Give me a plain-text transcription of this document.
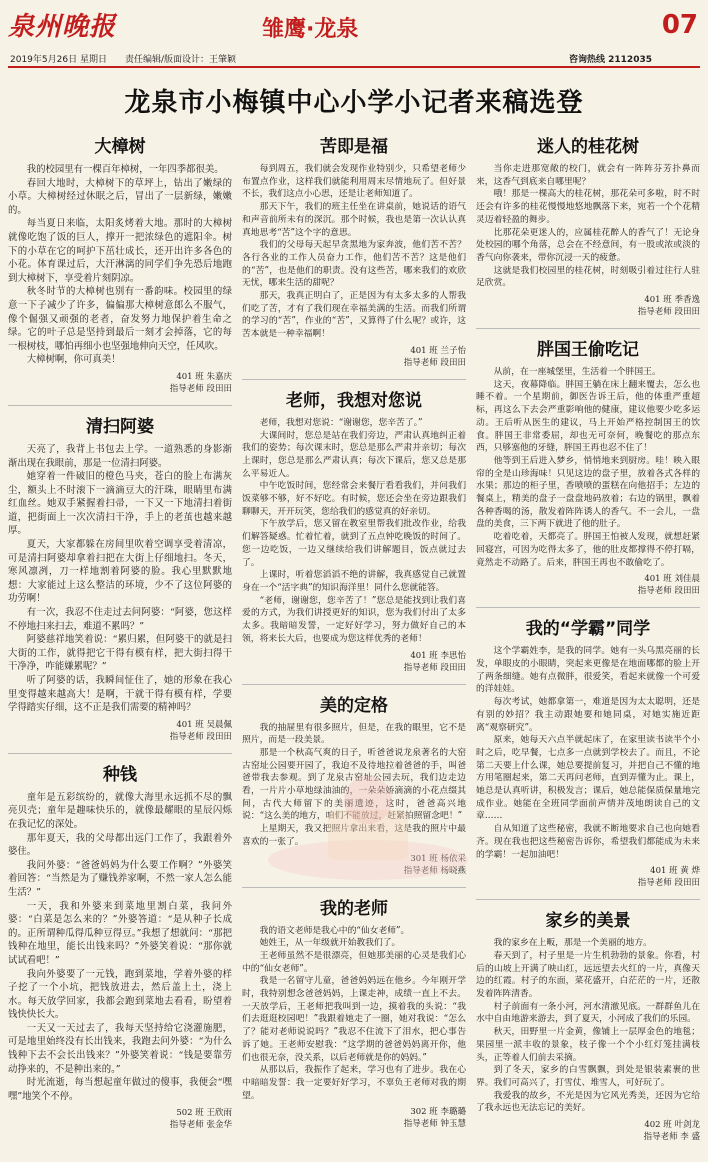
泉州晚报	雏鹰·龙泉	07
2019年5月26日 星期日　　责任编辑/版面设计：王肇颖	咨询热线 2112035
龙泉市小梅镇中心小学小记者来稿选登
大樟树

我的校园里有一棵百年樟树，一年四季都很美。

春回大地时，大樟树下的草坪上，钻出了嫩绿的小草。大樟树经过休眠之后，冒出了一层新绿，嫩嫩的。

每当夏日来临，太阳炙烤着大地。那时的大樟树就像吃饱了饭的巨人，撑开一把浓绿色的遮阳伞。树下的小草在它的呵护下茁壮成长，还开出许多各色的小花。体育课过后，大汗淋漓的同学们争先恐后地跑到大樟树下，享受着片刻阴凉。

秋冬时节的大樟树也别有一番韵味。校园里的绿意一下子减少了许多，偏偏那大樟树意郎么不服气，像个倔强又顽强的老者，奋发努力地保护着生命之绿。它的叶子总是坚持到最后一刻才会掉落，它的每一根树枝，哪怕再细小也坚强地伸向天空，任风吹。

大樟树啊，你可真美！

401 班 朱嘉庆
指导老师 段田田
清扫阿婆

天亮了，我背上书包去上学。一道熟悉的身影渐渐出现在我眼前，那是一位清扫阿婆。

她穿着一件破旧的橙色马夹，苍白的脸上布满灰尘，额头上不时滚下一滴滴豆大的汗珠，眼睛里布满红血丝。她双手紧握着扫帚，一下又一下地清扫着街道，把街面上一次次清扫干净，手上的老茧也越来越厚。

夏天，大家都躲在房间里吹着空调享受着清凉，可是清扫阿婆却拿着扫把在大街上仔细地扫。冬天，寒风凛冽，刀一样地割着阿婆的脸。我心里默默地想：大家能过上这么整洁的环境，少不了这位阿婆的功劳啊！

有一次，我忍不住走过去问阿婆：“阿婆，您这样不停地扫来扫去，难道不累吗？”

阿婆慈祥地笑着说：“累归累，但阿婆干的就是扫大街的工作，就得把它干得有模有样，把大街扫得干干净净，咋能嫌累呢？”

听了阿婆的话，我瞬间怔住了，她的形象在我心里变得越来越高大！是啊，干就干得有模有样，学要学得踏实仔细，这不正是我们需要的精神吗？

401 班 吴晨佩
指导老师 段田田
种钱

童年是五彩缤纷的，就像大海里永远抓不尽的飘亮贝壳；童年是趣味快乐的，就像最耀眼的星辰闪烁在我记忆的深处。

那年夏天，我的父母都出远门工作了，我跟着外婆住。

我问外婆：“爸爸妈妈为什么要工作啊？”外婆笑着回答：“当然是为了赚钱养家啊，不然一家人怎么能生活？”

一天，我和外婆来到菜地里割白菜，我问外婆：“白菜是怎么来的？”外婆答道：“是从种子长成的。正所谓种瓜得瓜种豆得豆。”我想了想就问：“那把钱种在地里，能长出钱来吗？”外婆笑着说：“那你就试试看吧！”

我向外婆要了一元钱，跑到菜地，学着外婆的样子挖了一个小坑，把钱放进去，然后盖上土，浇上水。每天放学回家，我都会跑到菜地去看看，盼望着钱快快长大。

一天又一天过去了，我每天坚持给它浇灌施肥，可是地里始终没有长出钱来，我跑去问外婆：“为什么钱种下去不会长出钱来？”外婆笑着说：“钱是要靠劳动挣来的，不是种出来的。”

时光流逝，每当想起童年做过的傻事，我便会“嘿嘿”地笑个不停。

502 班 王欣雨
指导老师 张金华
苦即是福

每到周五，我们就会发现作业特别少，只希望老师少布置点作业，这样我们就能利用周末尽情地玩了。但好景不长，我们这点小心思，还是让老师知道了。

那天下午，我们的班主任坐在讲桌前，她说话的语气和声音前所未有的深沉。那个时候，我也是第一次认认真真地思考“苦”这个字的意思。

我们的父母每天起早贪黑地为家奔波，他们苦不苦？各行各业的工作人员奋力工作，他们苦不苦？这是他们的“苦”，也是他们的职责。没有这些苦，哪来我们的欢欣无忧，哪来生活的甜呢？

那天，我真正明白了，正是因为有太多太多的人帮我们吃了苦，才有了我们现在幸福美满的生活。而我们所谓的学习的“苦”，作业的“苦”，又算得了什么呢？或许，这苦本就是一种幸福啊！

401 班 兰子怡
指导老师 段田田
老师，我想对您说

老师，我想对您说：“谢谢您，您辛苦了。”

大课间时，您总是站在我们旁边，严肃认真地纠正着我们的姿势；每次课末时，您总是那么严肃并亲切；每次上课时，您总是那么严肃认真；每次下课后，您又总是那么平易近人。

中午吃饭时间，您经常会来餐厅看看我们，并问我们饭菜够不够，好不好吃。有时候，您还会坐在旁边跟我们聊聊天，开开玩笑，您给我们的感觉真的好亲切。

下午放学后，您又留在教室里帮我们批改作业，给我们解答疑惑。忙着忙着，就到了五点钟吃晚饭的时间了。您一边吃饭，一边又继续给我们讲解题目，饭点就过去了。

上课时，听着您滔滔不绝的讲解，我真感觉自己就置身在一个“活字典”的知识海洋里！同什么您就能答。

“老师，谢谢您，您辛苦了！”您总是能找到让我们喜爱的方式，为我们讲授更好的知识，您为我们付出了太多太多。我暗暗发誓，一定好好学习，努力做好自己的本领，将来长大后，也要成为您这样优秀的老师！

401 班 李思怡
指导老师 段田田
美的定格

我的抽屉里有很多照片，但是，在我的眼里，它不是照片，而是一段美景。

那是一个秋高气爽的日子，听爸爸说龙泉著名的大窑古窑址公园要开园了，我迫不及待地拉着爸爸的手，叫爸爸带我去参观。到了龙泉古窑址公园去玩，我们边走边看，一片片小草地绿油油的，一朵朵娇滴滴的小花点缀其间，古代大师留下的美丽遗迹，这时，爸爸高兴地说：“这么美的地方，咱们不能放过，赶紧拍照留念吧！”

上星期天，我又把照片拿出来看，这是我的照片中最喜欢的一张了。

301 班 杨依采
指导老师 杨晓燕
我的老师

我的语文老师是我心中的“仙女老师”。

她姓王，从一年级就开始教我们了。

王老师虽然不是很漂亮，但她那美丽的心灵是我们心中的“仙女老师”。

我是一名留守儿童，爸爸妈妈远在他乡。今年刚开学时，我特别想念爸爸妈妈，上课走神，成绩一直上不去。一天放学后，王老师把我叫到一边，摸着我的头说：“我们去逛逛校园吧！”我跟着她走了一圈，她对我说：“怎么了？能对老师说说吗？”我忍不住流下了泪水，把心事告诉了她。王老师安慰我：“这学期的爸爸妈妈离开你，他们也很无奈，没关系，以后老师就是你的妈妈。”

从那以后，我振作了起来，学习也有了进步。我在心中暗暗发誓：我一定要好好学习，不辜负王老师对我的期望。

302 班 李璐璐
指导老师 钟玉慧
迷人的桂花树

当你走进那宽敞的校门，就会有一阵阵芬芳扑鼻而来，这香气到底来自哪里呢？

哦！那是一棵高大的桂花树，那花朵可多啦，时不时还会有许多的桂花慢慢地悠地飘落下来，宛若一个个花精灵迈着轻盈的舞步。

比那花朵更迷人的，应属桂花醉人的香气了！无论身处校园的哪个角落，总会在不经意间，有一股或浓或淡的香气向你袭来，带你沉浸一天的疲惫。

这就是我们校园里的桂花树，时刻吸引着过往行人驻足欣赏。

401 班 季香逸
指导老师 段田田
胖国王偷吃记

从前，在一座城堡里，生活着一个胖国王。

这天，夜幕降临。胖国王躺在床上翻来覆去，怎么也睡不着。一个星期前，御医告诉王后，他的体重严重超标，再这么下去会严重影响他的健康，建议他要少吃多运动。王后听从医生的建议，马上开始严格控制国王的饮食。胖国王非常委屈，却也无可奈何，晚餐吃的那点东西，只够塞他的牙缝，胖国王再也忍不住了！

他等到王后进入梦乡，悄悄地来到厨房。哇！映入眼帘的全是山珍海味！只见这边的盘子里，放着各式各样的水果；那边的柜子里，香喷喷的蛋糕在向他招手；左边的餐桌上，精美的盘子一盘盘地码放着；右边的锅里，飘着各种香喝的汤，散发着阵阵诱人的香气。不一会儿，一盘盘的美食，三下两下就进了他的肚子。

吃着吃着，天都亮了。胖国王怕被人发现，就想赶紧回寝宫，可因为吃得太多了，他的肚皮都撑得不停打嗝，竟然走不动路了。后来，胖国王再也不敢偷吃了。

401 班 刘佳晨
指导老师 段田田
我的“学霸”同学

这个学霸姓李，是我的同学。她有一头乌黑亮丽的长发，单眼皮的小眼睛，突起来更像是在地面哪都的脸上开了两条细缝。她有点微胖，很爱笑，看起来就像一个可爱的洋娃娃。

每次考试，她都拿第一，难道是因为太太聪明，还是有别的妙招？我主动跟她要和她同桌，对她实施近距离“观察研究”。

原来，她每天六点半就起床了，在家里读书读半个小时之后，吃早餐，七点多一点就到学校去了。而且，不论第二天要上什么课，她总要提前复习，并把自己不懂的地方用笔圈起来，第二天再问老师，直到弄懂为止。课上，她总是认真听讲，积极发言；课后，她总能保质保量地完成作业。她能在全班同学面前声情并茂地朗读自己的文章……

自从知道了这些秘密，我就不断地要求自己也向她看齐。现在我也把这些秘密告诉你，希望我们都能成为未来的学霸！一起加油吧！

401 班 黄 烨
指导老师 段田田
家乡的美景

我的家乡在上畈，那是一个美丽的地方。

春天到了，村子里是一片生机勃勃的景象。你看，村后的山坡上开满了映山红，远远望去火红的一片，真像天边的红霞。村子的东面，菜花盛开，白茫茫的一片，还散发着阵阵清香。

村子前面有一条小河，河水清澈见底。一群群鱼儿在水中自由地游来游去，到了夏天，小河成了我们的乐园。

秋天，田野里一片金黄，像铺上一层厚金色的地毯；果园里一派丰收的景象，枝子像一个个小红灯笼挂满枝头，正等着人们前去采摘。

到了冬天，家乡的白雪飘飘，到处是银装素裹的世界。我们可高兴了，打雪仗、堆雪人，可好玩了。

我爱我的故乡，不光是因为它风光秀美，还因为它给了我永远也无法忘记的美好。

402 班 叶剑龙
指导老师 李 盛
